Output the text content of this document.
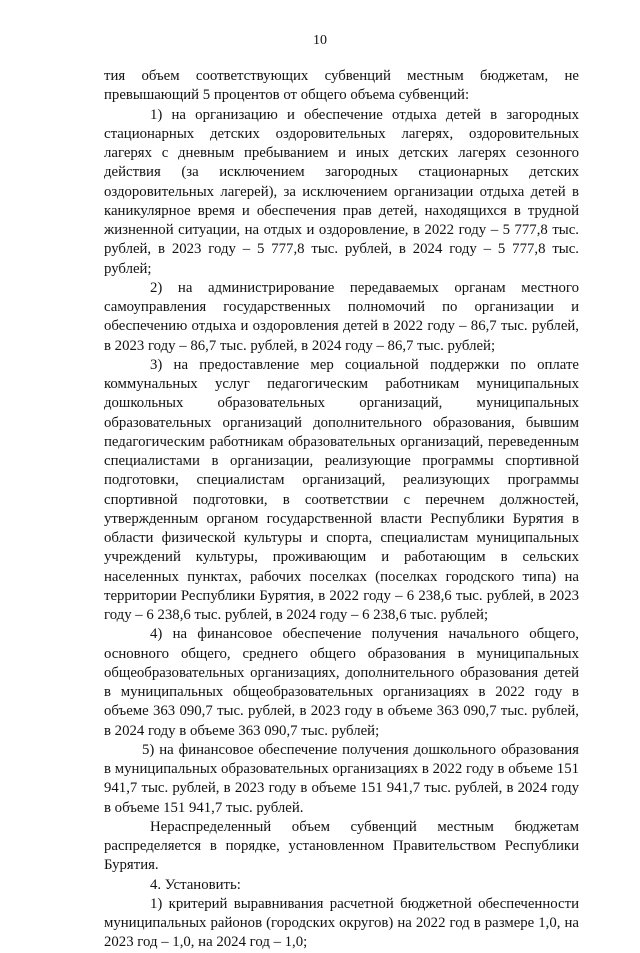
10

тия объем соответствующих субвенций местным бюджетам, не превышающий 5 процентов от общего объема субвенций:

1) на организацию и обеспечение отдыха детей в загородных стационарных детских оздоровительных лагерях, оздоровительных лагерях с дневным пребыванием и иных детских лагерях сезонного действия (за исключением загородных стационарных детских оздоровительных лагерей), за исключением организации отдыха детей в каникулярное время и обеспечения прав детей, находящихся в трудной жизненной ситуации, на отдых и оздоровление, в 2022 году – 5 777,8 тыс. рублей, в 2023 году – 5 777,8 тыс. рублей, в 2024 году – 5 777,8 тыс. рублей;

2) на администрирование передаваемых органам местного самоуправления государственных полномочий по организации и обеспечению отдыха и оздоровления детей в 2022 году – 86,7 тыс. рублей, в 2023 году – 86,7 тыс. рублей, в 2024 году – 86,7 тыс. рублей;

3) на предоставление мер социальной поддержки по оплате коммунальных услуг педагогическим работникам муниципальных дошкольных образовательных организаций, муниципальных образовательных организаций дополнительного образования, бывшим педагогическим работникам образовательных организаций, переведенным специалистами в организации, реализующие программы спортивной подготовки, специалистам организаций, реализующих программы спортивной подготовки, в соответствии с перечнем должностей, утвержденным органом государственной власти Республики Бурятия в области физической культуры и спорта, специалистам муниципальных учреждений культуры, проживающим и работающим в сельских населенных пунктах, рабочих поселках (поселках городского типа) на территории Республики Бурятия, в 2022 году – 6 238,6 тыс. рублей, в 2023 году – 6 238,6 тыс. рублей, в 2024 году – 6 238,6 тыс. рублей;

4) на финансовое обеспечение получения начального общего, основного общего, среднего общего образования в муниципальных общеобразовательных организациях, дополнительного образования детей в муниципальных общеобразовательных организациях в 2022 году в объеме 363 090,7 тыс. рублей, в 2023 году в объеме 363 090,7 тыс. рублей, в 2024 году в объеме 363 090,7 тыс. рублей;

5) на финансовое обеспечение получения дошкольного образования в муниципальных образовательных организациях в 2022 году в объеме 151 941,7 тыс. рублей, в 2023 году в объеме 151 941,7 тыс. рублей, в 2024 году в объеме 151 941,7 тыс. рублей.

Нераспределенный объем субвенций местным бюджетам распределяется в порядке, установленном Правительством Республики Бурятия.

4. Установить:

1) критерий выравнивания расчетной бюджетной обеспеченности муниципальных районов (городских округов) на 2022 год в размере 1,0, на 2023 год – 1,0, на 2024 год – 1,0;
